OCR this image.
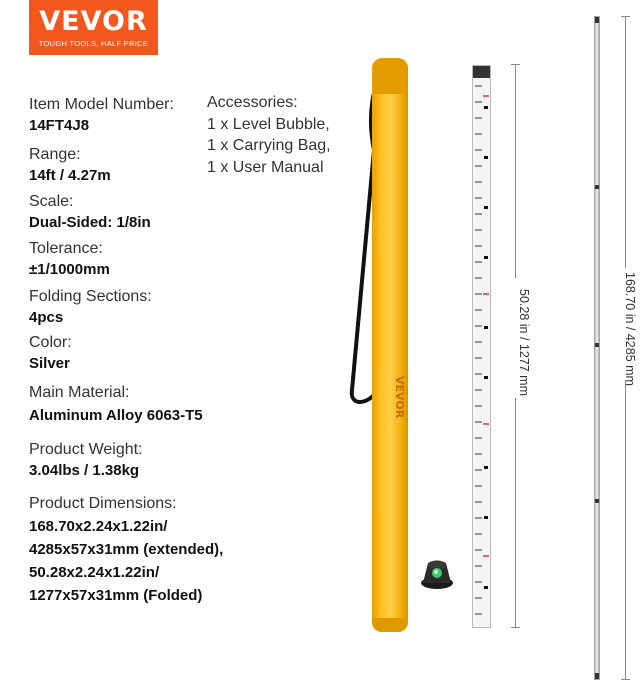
VEVOR
TOUGH TOOLS, HALF PRICE
Item Model Number:
14FT4J8
Range:
14ft / 4.27m
Scale:
Dual-Sided: 1/8in
Tolerance:
±1/1000mm
Folding Sections:
4pcs
Color:
Silver
Main Material:
Aluminum Alloy 6063-T5
Product Weight:
3.04lbs / 1.38kg
Product Dimensions:
168.70x2.24x1.22in/
4285x57x31mm (extended),
50.28x2.24x1.22in/
1277x57x31mm (Folded)
Accessories:
1 x Level Bubble,
1 x Carrying Bag,
1 x User Manual
VEVOR
50.28 in / 1277 mm	168.70 in / 4285 mm
